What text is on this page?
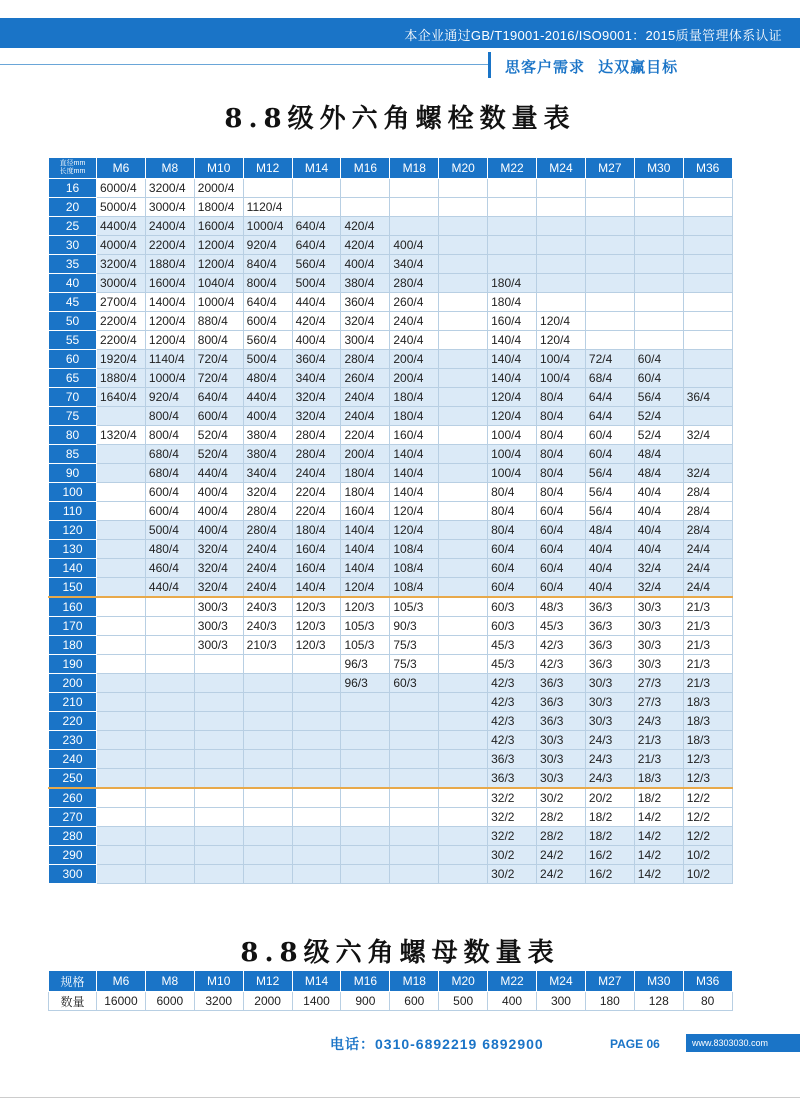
本企业通过GB/T19001-2016/ISO9001：2015质量管理体系认证
思客户需求 达双赢目标
8.8级外六角螺栓数量表
直径mm
长度mm	M6	M8	M10	M12	M14	M16	M18	M20	M22	M24	M27	M30	M36
16	6000/4	3200/4	2000/4										
20	5000/4	3000/4	1800/4	1120/4									
25	4400/4	2400/4	1600/4	1000/4	640/4	420/4							
30	4000/4	2200/4	1200/4	920/4	640/4	420/4	400/4						
35	3200/4	1880/4	1200/4	840/4	560/4	400/4	340/4						
40	3000/4	1600/4	1040/4	800/4	500/4	380/4	280/4		180/4				
45	2700/4	1400/4	1000/4	640/4	440/4	360/4	260/4		180/4				
50	2200/4	1200/4	880/4	600/4	420/4	320/4	240/4		160/4	120/4			
55	2200/4	1200/4	800/4	560/4	400/4	300/4	240/4		140/4	120/4			
60	1920/4	1140/4	720/4	500/4	360/4	280/4	200/4		140/4	100/4	72/4	60/4	
65	1880/4	1000/4	720/4	480/4	340/4	260/4	200/4		140/4	100/4	68/4	60/4	
70	1640/4	920/4	640/4	440/4	320/4	240/4	180/4		120/4	80/4	64/4	56/4	36/4
75		800/4	600/4	400/4	320/4	240/4	180/4		120/4	80/4	64/4	52/4	
80	1320/4	800/4	520/4	380/4	280/4	220/4	160/4		100/4	80/4	60/4	52/4	32/4
85		680/4	520/4	380/4	280/4	200/4	140/4		100/4	80/4	60/4	48/4	
90		680/4	440/4	340/4	240/4	180/4	140/4		100/4	80/4	56/4	48/4	32/4
100		600/4	400/4	320/4	220/4	180/4	140/4		80/4	80/4	56/4	40/4	28/4
110		600/4	400/4	280/4	220/4	160/4	120/4		80/4	60/4	56/4	40/4	28/4
120		500/4	400/4	280/4	180/4	140/4	120/4		80/4	60/4	48/4	40/4	28/4
130		480/4	320/4	240/4	160/4	140/4	108/4		60/4	60/4	40/4	40/4	24/4
140		460/4	320/4	240/4	160/4	140/4	108/4		60/4	60/4	40/4	32/4	24/4
150		440/4	320/4	240/4	140/4	120/4	108/4		60/4	60/4	40/4	32/4	24/4
160			300/3	240/3	120/3	120/3	105/3		60/3	48/3	36/3	30/3	21/3
170			300/3	240/3	120/3	105/3	90/3		60/3	45/3	36/3	30/3	21/3
180			300/3	210/3	120/3	105/3	75/3		45/3	42/3	36/3	30/3	21/3
190						96/3	75/3		45/3	42/3	36/3	30/3	21/3
200						96/3	60/3		42/3	36/3	30/3	27/3	21/3
210									42/3	36/3	30/3	27/3	18/3
220									42/3	36/3	30/3	24/3	18/3
230									42/3	30/3	24/3	21/3	18/3
240									36/3	30/3	24/3	21/3	12/3
250									36/3	30/3	24/3	18/3	12/3
260									32/2	30/2	20/2	18/2	12/2
270									32/2	28/2	18/2	14/2	12/2
280									32/2	28/2	18/2	14/2	12/2
290									30/2	24/2	16/2	14/2	10/2
300									30/2	24/2	16/2	14/2	10/2
8.8级六角螺母数量表
规格	M6	M8	M10	M12	M14	M16	M18	M20	M22	M24	M27	M30	M36
数量	16000	6000	3200	2000	1400	900	600	500	400	300	180	128	80
电话：0310-6892219 6892900	PAGE 06	www.8303030.com
